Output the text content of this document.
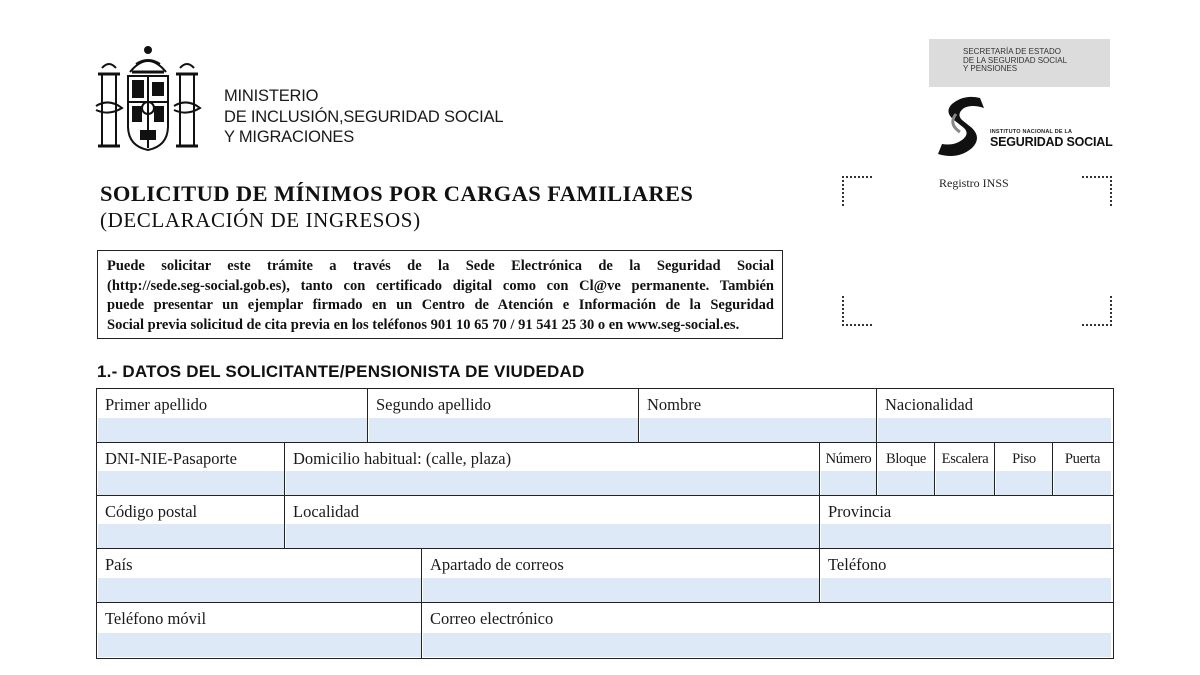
MINISTERIO
DE INCLUSIÓN,SEGURIDAD SOCIAL
Y MIGRACIONES
SECRETARÍA DE ESTADO
DE LA SEGURIDAD SOCIAL
Y PENSIONES
INSTITUTO NACIONAL DE LA
SEGURIDAD SOCIAL
SOLICITUD DE MÍNIMOS POR CARGAS FAMILIARES
(DECLARACIÓN DE INGRESOS)
Puede solicitar este trámite a través de la Sede Electrónica de la Seguridad Social
(http://sede.seg-social.gob.es), tanto con certificado digital como con Cl@ve permanente. También
puede presentar un ejemplar firmado en un Centro de Atención e Información de la Seguridad
Social previa solicitud de cita previa en los teléfonos 901 10 65 70 / 91 541 25 30 o en www.seg-social.es.
Registro INSS
1.- DATOS DEL SOLICITANTE/PENSIONISTA DE VIUDEDAD
Primer apellido	Segundo apellido	Nombre	Nacionalidad
DNI-NIE-Pasaporte	Domicilio habitual: (calle, plaza)	Número	Bloque	Escalera	Piso	Puerta
Código postal	Localidad	Provincia
País	Apartado de correos	Teléfono
Teléfono móvil	Correo electrónico
